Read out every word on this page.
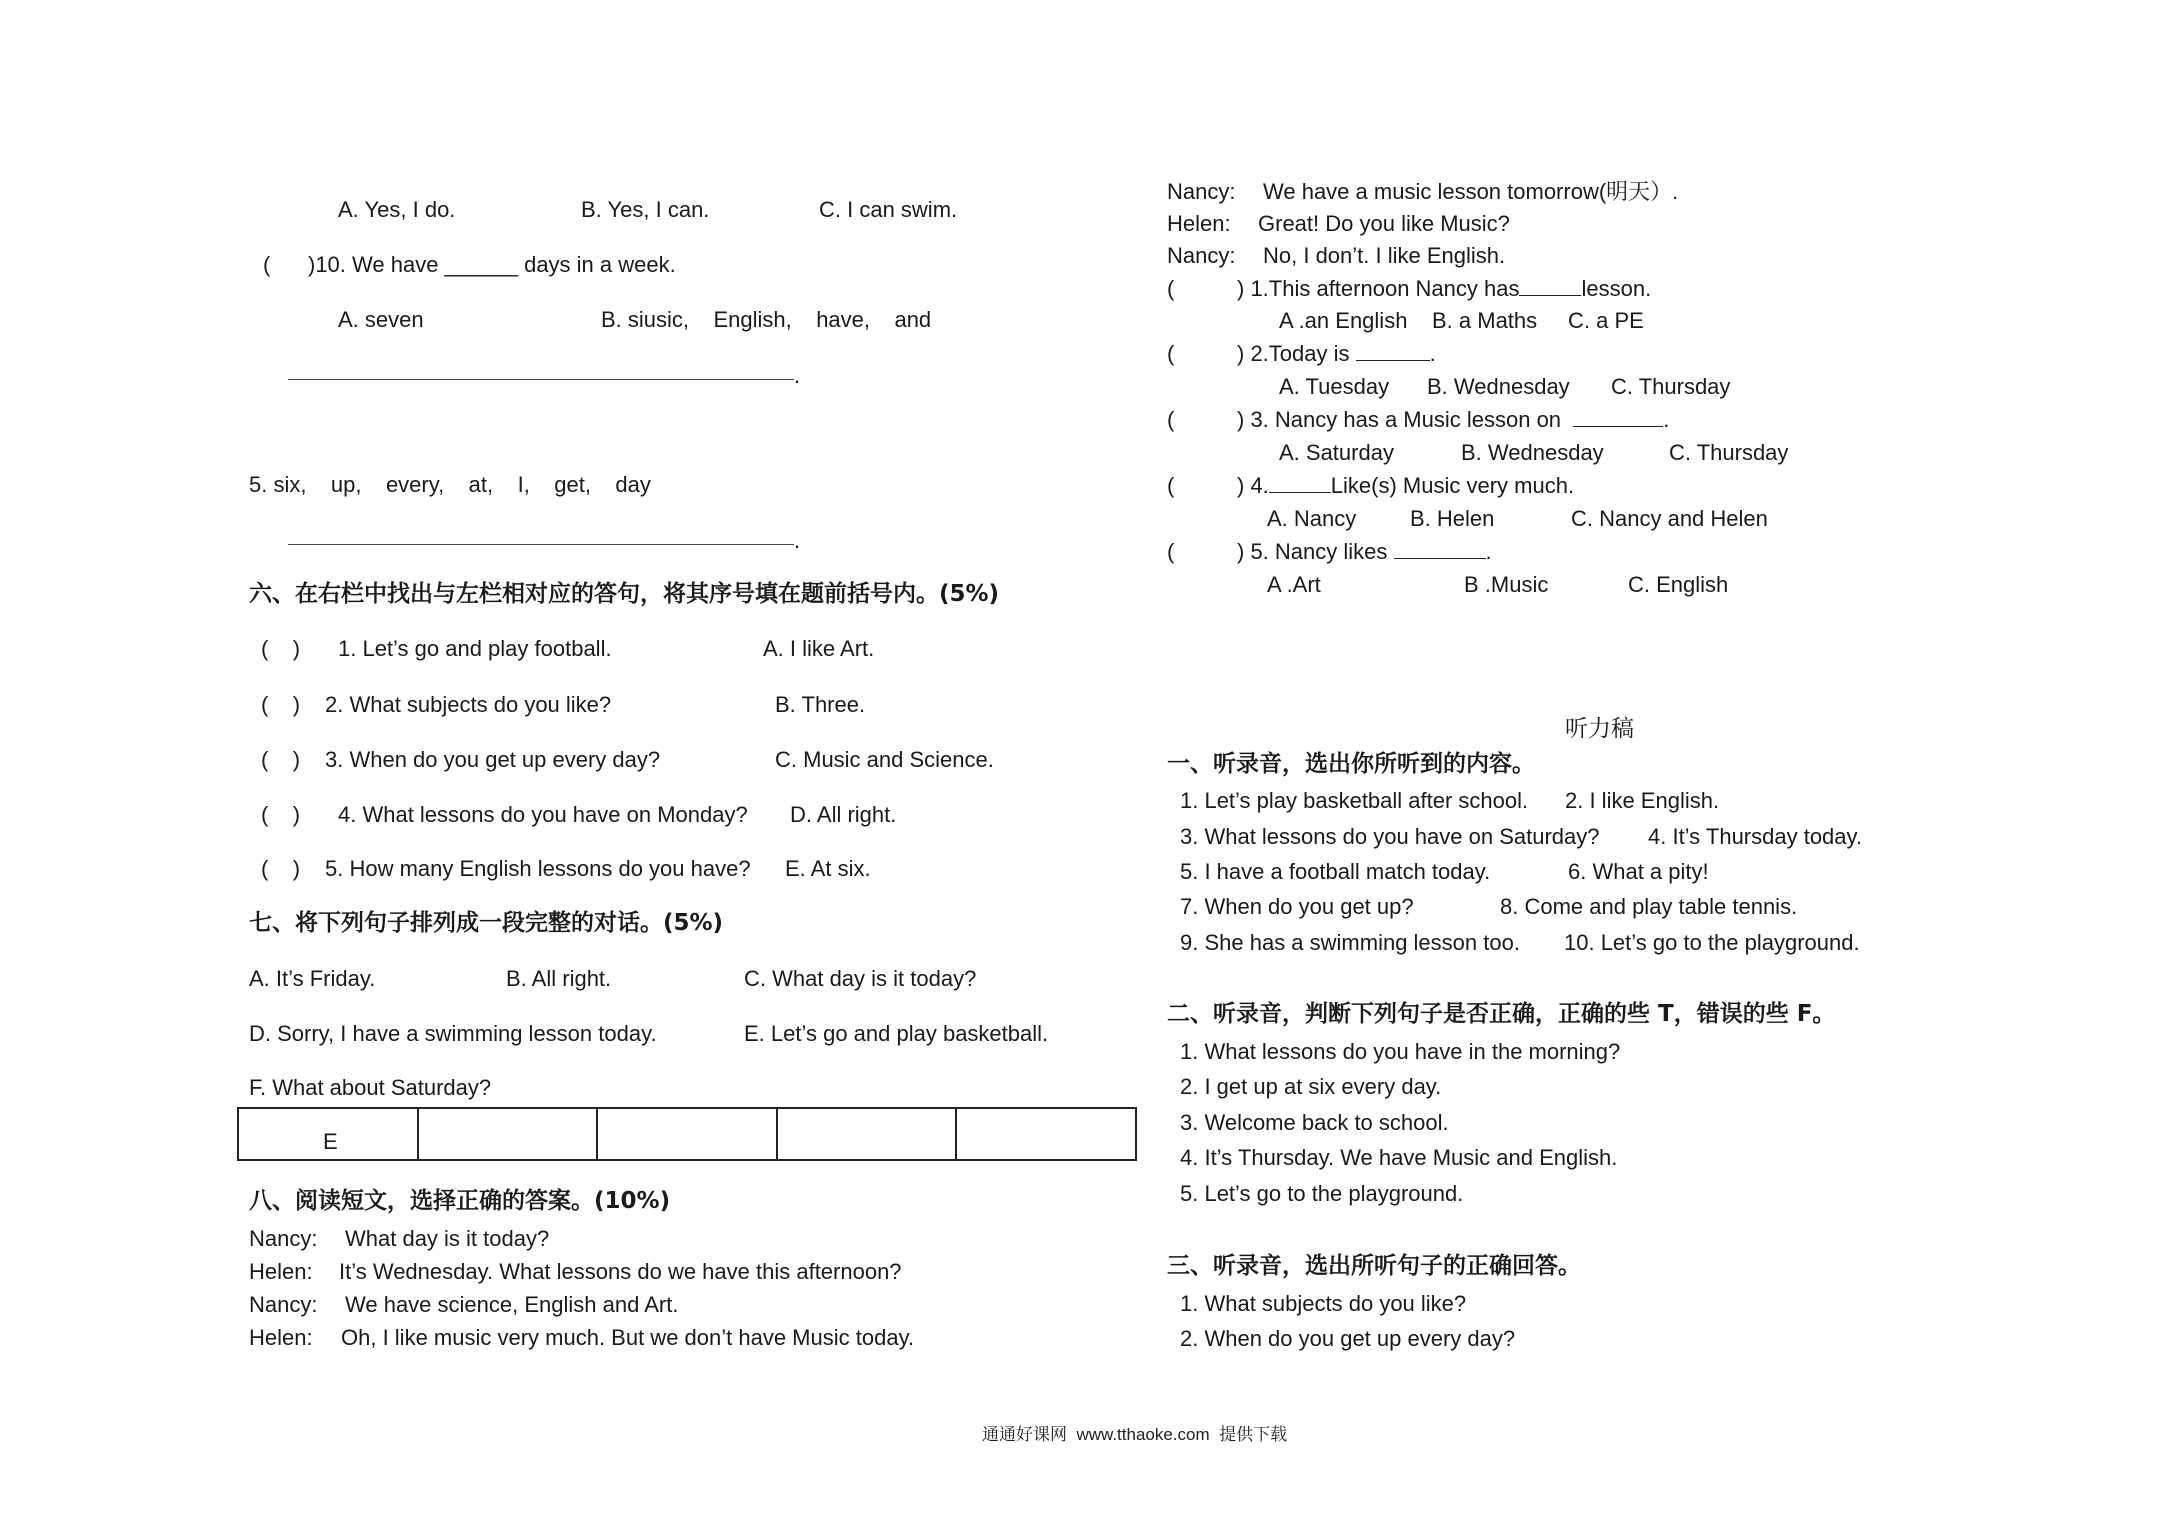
A. Yes, I do.	B. Yes, I can.	C. I can swim.
( )10. We have ______ days in a week.
A. seven	B. siusic,    English,    have,    and
.
5. six,    up,    every,    at,    I,    get,    day
.
六、在右栏中找出与左栏相对应的答句，将其序号填在题前括号内。(5%)
(    ) 1. Let’s go and play football.	A. I like Art.
(    ) 2. What subjects do you like?	B. Three.
(    ) 3. When do you get up every day?	C. Music and Science.
(    ) 4. What lessons do you have on Monday? D. All right.
(    ) 5. How many English lessons do you have? E. At six.
七、将下列句子排列成一段完整的对话。(5%)
A. It’s Friday.	B. All right.	C. What day is it today?
D. Sorry, I have a swimming lesson today.	E. Let’s go and play basketball.
F. What about Saturday?
E				
八、阅读短文，选择正确的答案。(10%)
Nancy: What day is it today?
Helen: It’s Wednesday. What lessons do we have this afternoon?
Nancy: We have science, English and Art.
Helen: Oh, I like music very much. But we don’t have Music today.
Nancy: We have a music lesson tomorrow(明天）.
Helen: Great! Do you like Music?
Nancy: No, I don’t. I like English.
(	) 1.This afternoon Nancy has	lesson.
A .an English B. a Maths C. a PE
(	) 2.Today is	.
A. Tuesday B. Wednesday C. Thursday
(	) 3. Nancy has a Music lesson on	.
A. Saturday	B. Wednesday	C. Thursday
(	) 4.	Like(s) Music very much.
A. Nancy B. Helen	C. Nancy and Helen
(	) 5. Nancy likes	.
A .Art	B .Music	C. English
听力稿
一、听录音，选出你所听到的内容。
1. Let’s play basketball after school. 2. I like English.
3. What lessons do you have on Saturday? 4. It’s Thursday today.
5. I have a football match today.	6. What a pity!
7. When do you get up?	8. Come and play table tennis.
9. She has a swimming lesson too. 10. Let’s go to the playground.
二、听录音，判断下列句子是否正确，正确的些 T，错误的些 F。
1. What lessons do you have in the morning?
2. I get up at six every day.
3. Welcome back to school.
4. It’s Thursday. We have Music and English.
5. Let’s go to the playground.
三、听录音，选出所听句子的正确回答。
1. What subjects do you like?
2. When do you get up every day?
通通好课网  www.tthaoke.com  提供下载
